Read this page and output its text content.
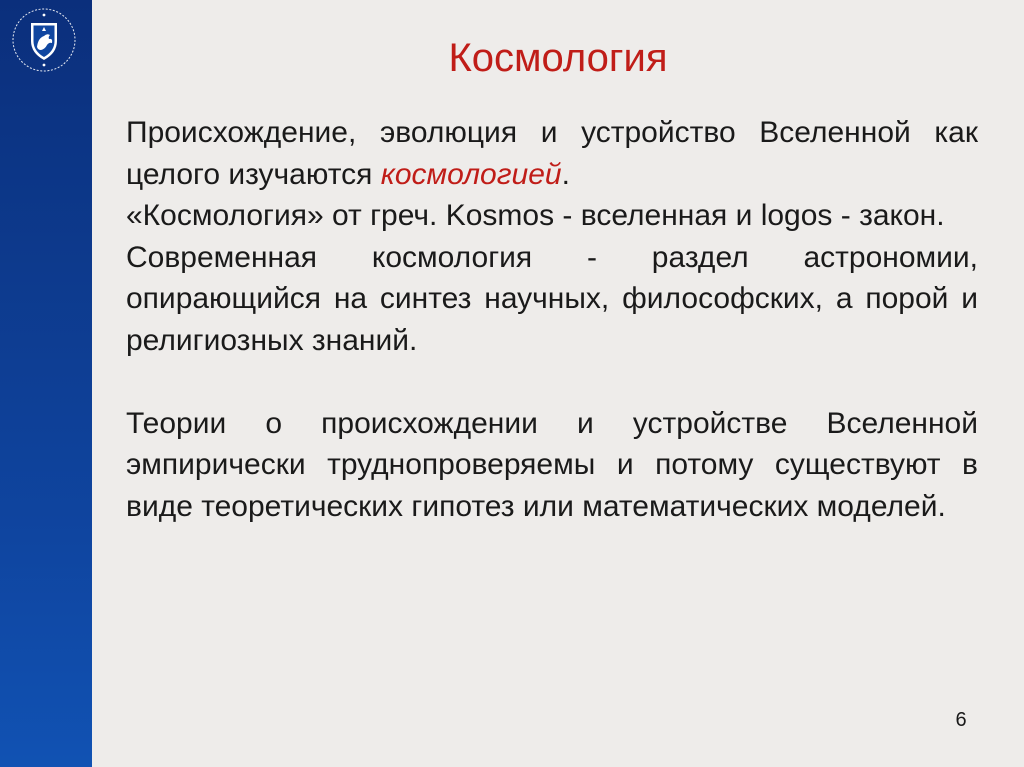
Космология

Происхождение, эволюция и устройство Вселенной как целого изучаются космологией.

«Космология» от греч. Kosmos - вселенная и logos - закон.

Современная космология - раздел астрономии, опирающийся на синтез научных, философских, а порой и религиозных знаний.

Теории о происхождении и устройстве Вселенной эмпирически труднопроверяемы и потому существуют в виде теоретических гипотез или математических моделей.

6
